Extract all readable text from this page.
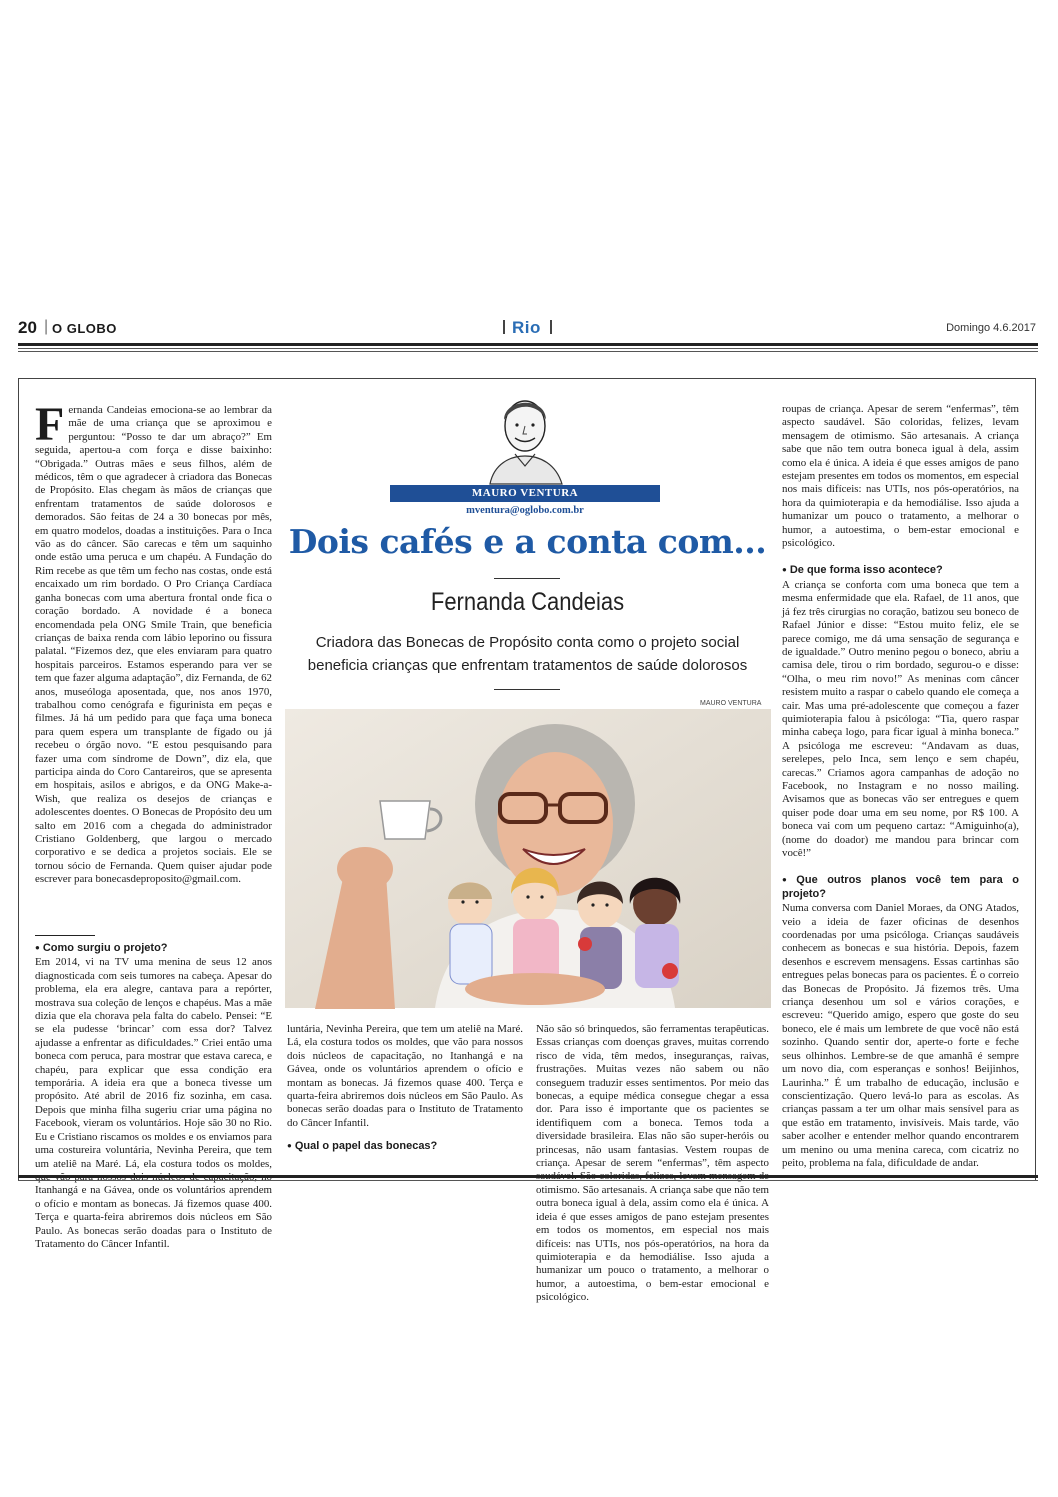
20 | O GLOBO	Rio	Domingo 4.6.2017
F ernanda Candeias emociona-se ao lembrar da mãe de uma criança que se aproximou e perguntou: “Posso te dar um abraço?” Em seguida, apertou-a com força e disse baixinho: “Obrigada.” Outras mães e seus filhos, além de médicos, têm o que agradecer à criadora das Bonecas de Propósito. Elas chegam às mãos de crianças que enfrentam tratamentos de saúde dolorosos e demorados. São feitas de 24 a 30 bonecas por mês, em quatro modelos, doadas a instituições. Para o Inca vão as do câncer. São carecas e têm um saquinho onde estão uma peruca e um chapéu. A Fundação do Rim recebe as que têm um fecho nas costas, onde está encaixado um rim bordado. O Pro Criança Cardíaca ganha bonecas com uma abertura frontal onde fica o coração bordado. A novidade é a boneca encomendada pela ONG Smile Train, que beneficia crianças de baixa renda com lábio leporino ou fissura palatal. “Fizemos dez, que eles enviaram para quatro hospitais parceiros. Estamos esperando para ver se tem que fazer alguma adaptação”, diz Fernanda, de 62 anos, museóloga aposentada, que, nos anos 1970, trabalhou como cenógrafa e figurinista em peças e filmes. Já há um pedido para que faça uma boneca para quem espera um transplante de fígado ou já recebeu o órgão novo. “E estou pesquisando para fazer uma com síndrome de Down”, diz ela, que participa ainda do Coro Cantareiros, que se apresenta em hospitais, asilos e abrigos, e da ONG Make-a-Wish, que realiza os desejos de crianças e adolescentes doentes. O Bonecas de Propósito deu um salto em 2016 com a chegada do administrador Cristiano Goldenberg, que largou o mercado corporativo e se dedica a projetos sociais. Ele se tornou sócio de Fernanda. Quem quiser ajudar pode escrever para bonecasdeproposito@gmail.com.

● Como surgiu o projeto?

Em 2014, vi na TV uma menina de seus 12 anos diagnosticada com seis tumores na cabeça. Apesar do problema, ela era alegre, cantava para a repórter, mostrava sua coleção de lenços e chapéus. Mas a mãe dizia que ela chorava pela falta do cabelo. Pensei: “E se ela pudesse ‘brincar’ com essa dor? Talvez ajudasse a enfrentar as dificuldades.” Criei então uma boneca com peruca, para mostrar que estava careca, e chapéu, para explicar que essa condição era temporária. A ideia era que a boneca tivesse um propósito. Até abril de 2016 fiz sozinha, em casa. Depois que minha filha sugeriu criar uma página no Facebook, vieram os voluntários. Hoje são 30 no Rio. Eu e Cristiano riscamos os moldes e os enviamos para uma costureira voluntária, Nevinha Pereira, que tem um ateliê na Maré. Lá, ela costura todos os moldes, Itanhangá e na Gávea, onde os voluntários aprendem o ofício e montam as bonecas. Já fizemos quase 400. Terça e quarta-feira abriremos dois núcleos em São Paulo. As bonecas serão doadas para o Instituto de Tratamento do Câncer Infantil.

MAURO VENTURA
mventura@oglobo.com.br
Dois cafés e a conta com...
Fernanda Candeias
Criadora das Bonecas de Propósito conta como o projeto social
beneficia crianças que enfrentam tratamentos de saúde dolorosos
MAURO VENTURA

luntária, Nevinha Pereira, que tem um ateliê na Maré. Lá, ela costura todos os moldes, que vão para nossos dois núcleos de capacitação, no Itanhangá e na Gávea, onde os voluntários aprendem o ofício e montam as bonecas. Já fizemos quase 400. Terça e quarta-feira abriremos dois núcleos em São Paulo. As bonecas serão doadas para o Instituto de Tratamento do Câncer Infantil.

● Qual o papel das bonecas?

Não são só brinquedos, são ferramentas terapêuticas. Essas crianças com doenças graves, muitas correndo risco de vida, têm medos, inseguranças, raivas, frustrações. Muitas vezes não sabem ou não conseguem traduzir esses sentimentos. Por meio das bonecas, a equipe médica consegue chegar a essa dor. Para isso é importante que os pacientes se identifiquem com a boneca. Temos toda a diversidade brasileira. Elas não são super-heróis ou princesas, não usam fantasias. Vestem roupas de criança. Apesar de serem “enfermas”, têm aspecto otimismo. São artesanais. A criança sabe que não tem outra boneca igual à dela, assim como ela é única. A ideia é que esses amigos de pano estejam presentes em todos os momentos, em especial nos mais difíceis: nas UTIs, nos pós-operatórios, na hora da quimioterapia e da hemodiálise. Isso ajuda a humanizar um pouco o tratamento, a melhorar o humor, a autoestima, o bem-estar emocional e psicológico.

roupas de criança. Apesar de serem “enfermas”, têm aspecto saudável. São coloridas, felizes, levam mensagem de otimismo. São artesanais. A criança sabe que não tem outra boneca igual à dela, assim como ela é única. A ideia é que esses amigos de pano estejam presentes em todos os momentos, em especial nos mais difíceis: nas UTIs, nos pós-operatórios, na hora da quimioterapia e da hemodiálise. Isso ajuda a humanizar um pouco o tratamento, a melhorar o humor, a autoestima, o bem-estar emocional e psicológico.

● De que forma isso acontece?

A criança se conforta com uma boneca que tem a mesma enfermidade que ela. Rafael, de 11 anos, que já fez três cirurgias no coração, batizou seu boneco de Rafael Júnior e disse: “Estou muito feliz, ele se parece comigo, me dá uma sensação de segurança e de igualdade.” Outro menino pegou o boneco, abriu a camisa dele, tirou o rim bordado, segurou-o e disse: “Olha, o meu rim novo!” As meninas com câncer resistem muito a raspar o cabelo quando ele começa a cair. Mas uma pré-adolescente que começou a fazer quimioterapia falou à psicóloga: “Tia, quero raspar minha cabeça logo, para ficar igual à minha boneca.” A psicóloga me escreveu: “Andavam as duas, serelepes, pelo Inca, sem lenço e sem chapéu, carecas.” Criamos agora campanhas de adoção no Facebook, no Instagram e no nosso mailing. Avisamos que as bonecas vão ser entregues e quem quiser pode doar uma em seu nome, por R$ 100. A boneca vai com um pequeno cartaz: “Amiguinho(a), (nome do doador) me mandou para brincar com você!”

● Que outros planos você tem para o projeto?

Numa conversa com Daniel Moraes, da ONG Atados, veio a ideia de fazer oficinas de desenhos coordenadas por uma psicóloga. Crianças saudáveis conhecem as bonecas e sua história. Depois, fazem desenhos e escrevem mensagens. Essas cartinhas são entregues pelas bonecas para os pacientes. É o correio das Bonecas de Propósito. Já fizemos três. Uma criança desenhou um sol e vários corações, e escreveu: “Querido amigo, espero que goste do seu boneco, ele é mais um lembrete de que você não está sozinho. Quando sentir dor, aperte-o forte e feche seus olhinhos. Lembre-se de que amanhã é sempre um novo dia, com esperanças e sonhos! Beijinhos, Laurinha.” É um trabalho de educação, inclusão e conscientização. Quero levá-lo para as escolas. As crianças passam a ter um olhar mais sensível para as que estão em tratamento, invisíveis. Mais tarde, vão saber acolher e entender melhor quando encontrarem um menino ou uma menina careca, com cicatriz no peito, problema na fala, dificuldade de andar.
